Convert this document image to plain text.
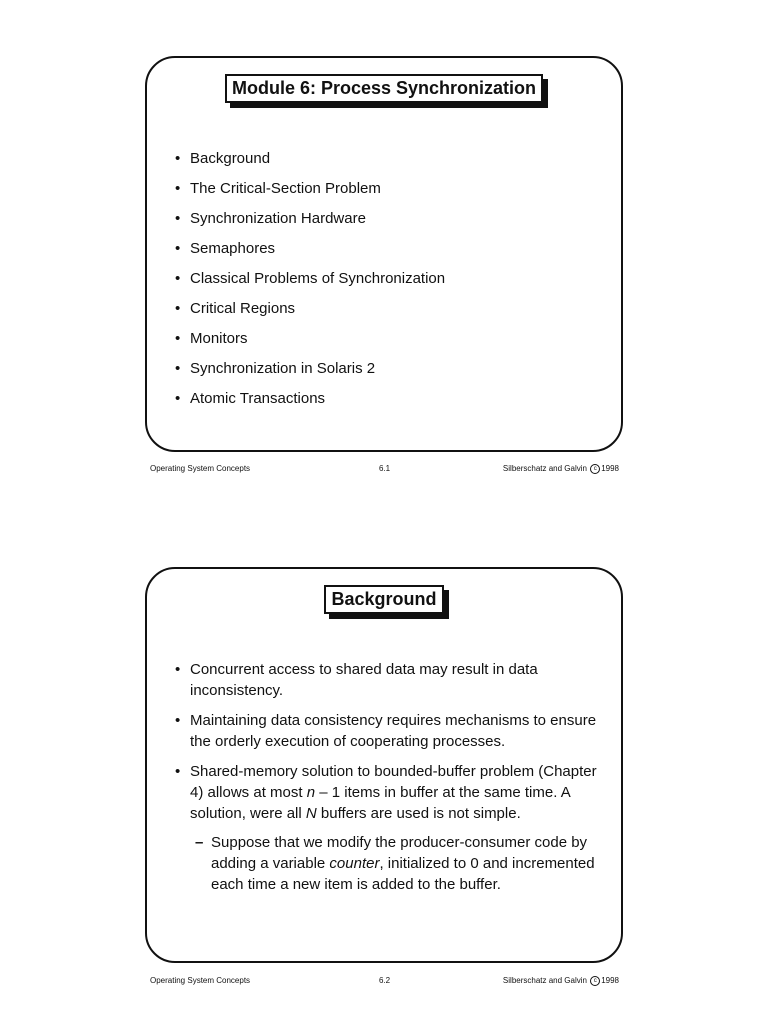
Module 6: Process Synchronization
• Background
• The Critical-Section Problem
• Synchronization Hardware
• Semaphores
• Classical Problems of Synchronization
• Critical Regions
• Monitors
• Synchronization in Solaris 2
• Atomic Transactions
Operating System Concepts	6.1	Silberschatz and Galvin c 1998
Background
• Concurrent access to shared data may result in data inconsistency.
• Maintaining data consistency requires mechanisms to ensure the orderly execution of cooperating processes.
• Shared-memory solution to bounded-buffer problem (Chapter 4) allows at most n – 1 items in buffer at the same time. A solution, were all N buffers are used is not simple.
– Suppose that we modify the producer-consumer code by adding a variable counter, initialized to 0 and incremented each time a new item is added to the buffer.
Operating System Concepts	6.2	Silberschatz and Galvin c 1998
